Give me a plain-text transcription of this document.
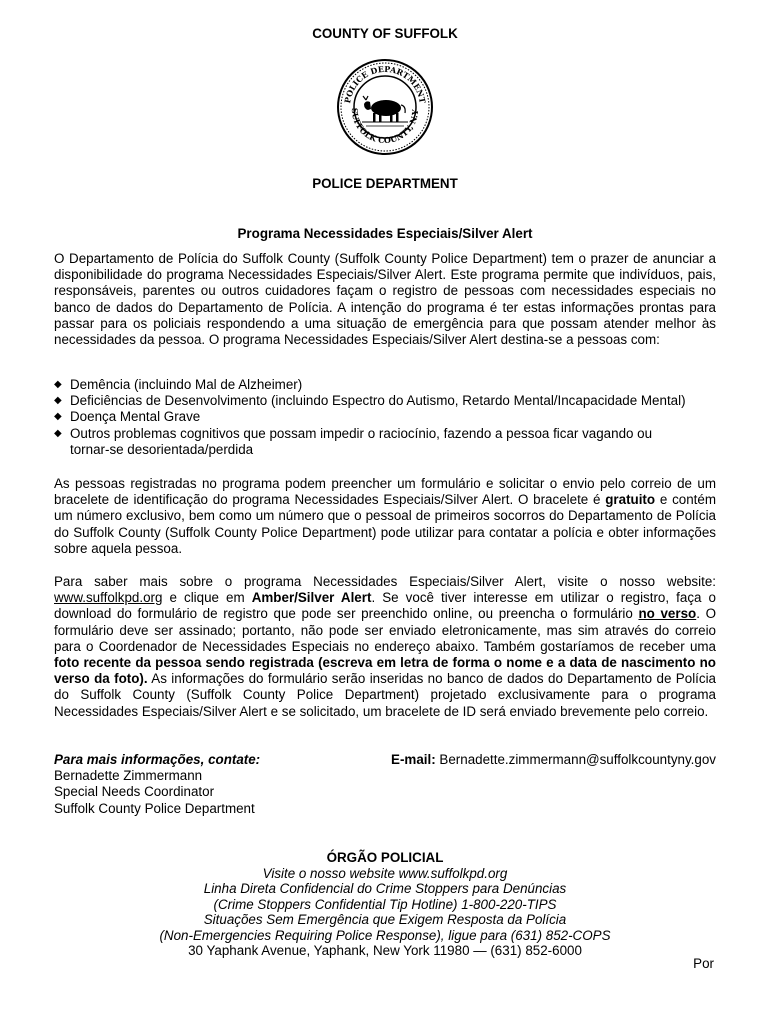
COUNTY OF SUFFOLK
POLICE DEPARTMENT
SUFFOLK COUNTY, N.Y
POLICE DEPARTMENT
Programa Necessidades Especiais/Silver Alert

O Departamento de Polícia do Suffolk County (Suffolk County Police Department) tem o prazer de anunciar a disponibilidade do programa Necessidades Especiais/Silver Alert. Este programa permite que indivíduos, pais, responsáveis, parentes ou outros cuidadores façam o registro de pessoas com necessidades especiais no banco de dados do Departamento de Polícia. A intenção do programa é ter estas informações prontas para passar para os policiais respondendo a uma situação de emergência para que possam atender melhor às necessidades da pessoa. O programa Necessidades Especiais/Silver Alert destina-se a pessoas com:

◆ Demência (incluindo Mal de Alzheimer)
◆ Deficiências de Desenvolvimento (incluindo Espectro do Autismo, Retardo Mental/Incapacidade Mental)
◆ Doença Mental Grave
◆ Outros problemas cognitivos que possam impedir o raciocínio, fazendo a pessoa ficar vagando ou tornar-se desorientada/perdida

As pessoas registradas no programa podem preencher um formulário e solicitar o envio pelo correio de um bracelete de identificação do programa Necessidades Especiais/Silver Alert. O bracelete é gratuito e contém um número exclusivo, bem como um número que o pessoal de primeiros socorros do Departamento de Polícia do Suffolk County (Suffolk County Police Department) pode utilizar para contatar a polícia e obter informações sobre aquela pessoa.

Para saber mais sobre o programa Necessidades Especiais/Silver Alert, visite o nosso website: www.suffolkpd.org e clique em Amber/Silver Alert. Se você tiver interesse em utilizar o registro, faça o download do formulário de registro que pode ser preenchido online, ou preencha o formulário no verso. O formulário deve ser assinado; portanto, não pode ser enviado eletronicamente, mas sim através do correio para o Coordenador de Necessidades Especiais no endereço abaixo. Também gostaríamos de receber uma foto recente da pessoa sendo registrada (escreva em letra de forma o nome e a data de nascimento no verso da foto). As informações do formulário serão inseridas no banco de dados do Departamento de Polícia do Suffolk County (Suffolk County Police Department) projetado exclusivamente para o programa Necessidades Especiais/Silver Alert e se solicitado, um bracelete de ID será enviado brevemente pelo correio.

Para mais informações, contate:
Bernadette Zimmermann
Special Needs Coordinator
Suffolk County Police Department
E-mail: Bernadette.zimmermann@suffolkcountyny.gov
ÓRGÃO POLICIAL
Visite o nosso website www.suffolkpd.org
Linha Direta Confidencial do Crime Stoppers para Denúncias
(Crime Stoppers Confidential Tip Hotline) 1-800-220-TIPS
Situações Sem Emergência que Exigem Resposta da Polícia
(Non-Emergencies Requiring Police Response), ligue para (631) 852-COPS
30 Yaphank Avenue, Yaphank, New York 11980 — (631) 852-6000
Por
